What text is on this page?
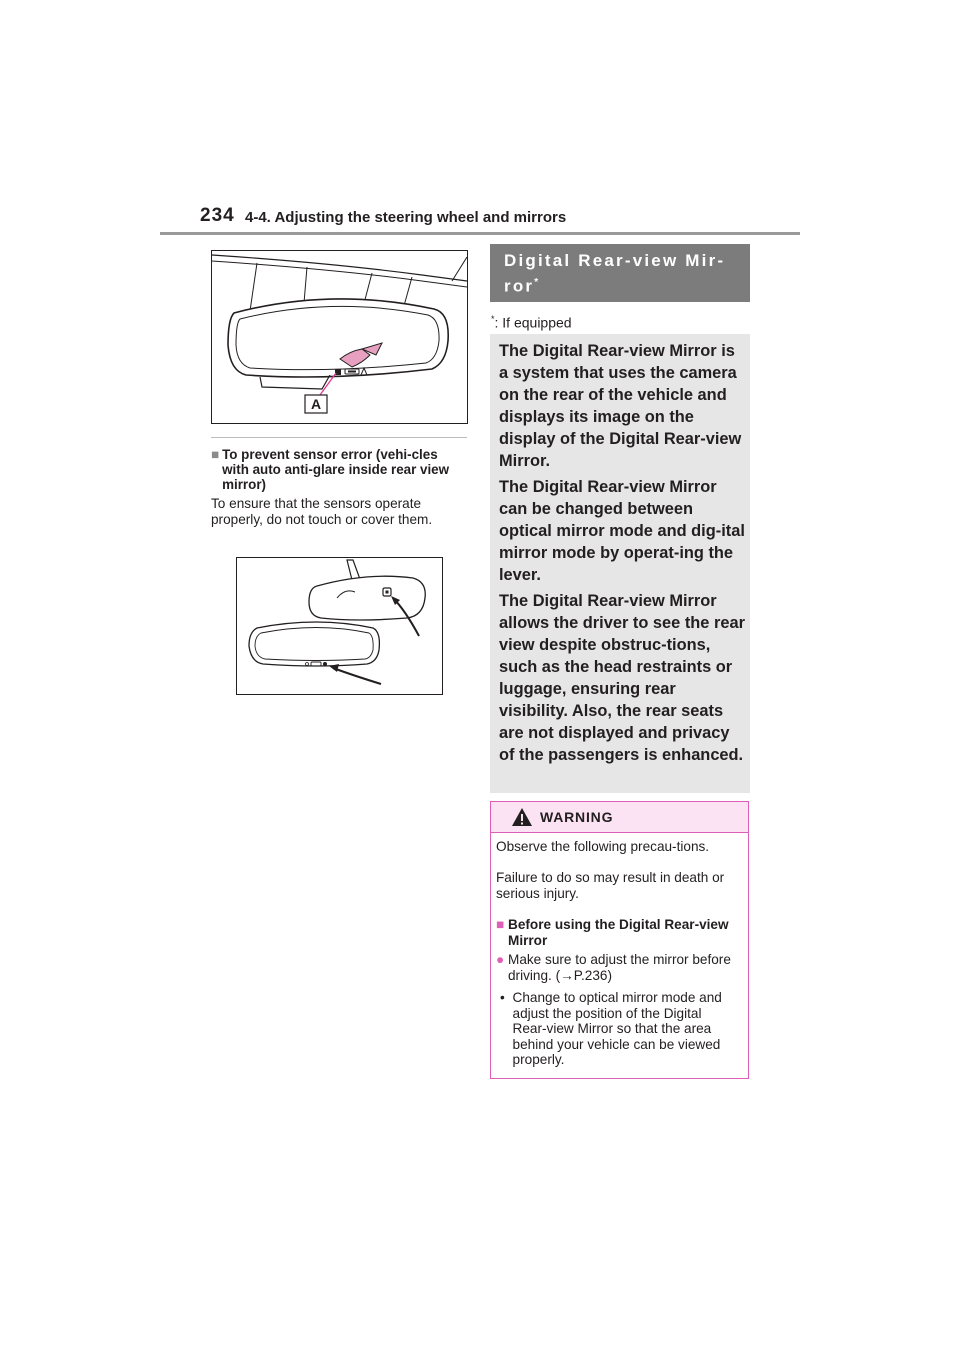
234 4-4. Adjusting the steering wheel and mirrors
A
■ To prevent sensor error (vehi-cles with auto anti-glare inside rear view mirror)
To ensure that the sensors operate properly, do not touch or cover them.
Digital Rear-view Mir-ror*
*: If equipped
The Digital Rear-view Mirror is a system that uses the camera on the rear of the vehicle and displays its image on the display of the Digital Rear-view Mirror.
The Digital Rear-view Mirror can be changed between optical mirror mode and dig-ital mirror mode by operat-ing the lever.
The Digital Rear-view Mirror allows the driver to see the rear view despite obstruc-tions, such as the head restraints or luggage, ensuring rear visibility. Also, the rear seats are not displayed and privacy of the passengers is enhanced.
WARNING
Observe the following precau-tions.
Failure to do so may result in death or serious injury.
■ Before using the Digital Rear-view Mirror
● Make sure to adjust the mirror before driving. (→P.236)
• Change to optical mirror mode and adjust the position of the Digital Rear-view Mirror so that the area behind your vehicle can be viewed properly.
